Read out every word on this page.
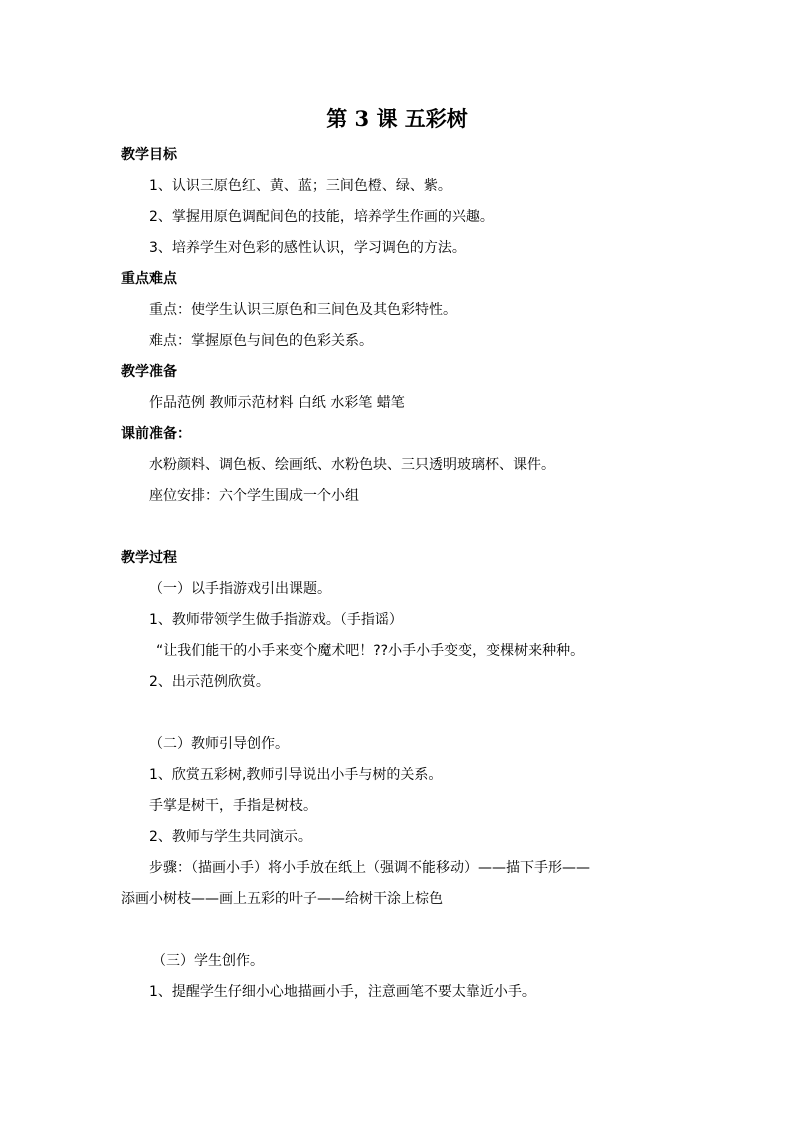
第 3 课 五彩树
教学目标
1、认识三原色红、黄、蓝；三间色橙、绿、紫。
2、掌握用原色调配间色的技能，培养学生作画的兴趣。
3、培养学生对色彩的感性认识，学习调色的方法。
重点难点
重点：使学生认识三原色和三间色及其色彩特性。
难点：掌握原色与间色的色彩关系。
教学准备
作品范例 教师示范材料 白纸 水彩笔 蜡笔
课前准备：
水粉颜料、调色板、绘画纸、水粉色块、三只透明玻璃杯、课件。
座位安排：六个学生围成一个小组
教学过程
（一）以手指游戏引出课题。
1、教师带领学生做手指游戏。（手指谣）
“让我们能干的小手来变个魔术吧！??小手小手变变，变棵树来种种。
2、出示范例欣赏。
（二）教师引导创作。
1、欣赏五彩树,教师引导说出小手与树的关系。
手掌是树干，手指是树枝。
2、教师与学生共同演示。
步骤：（描画小手）将小手放在纸上（强调不能移动）——描下手形——
添画小树枝——画上五彩的叶子——给树干涂上棕色
（三）学生创作。
1、提醒学生仔细小心地描画小手，注意画笔不要太靠近小手。
